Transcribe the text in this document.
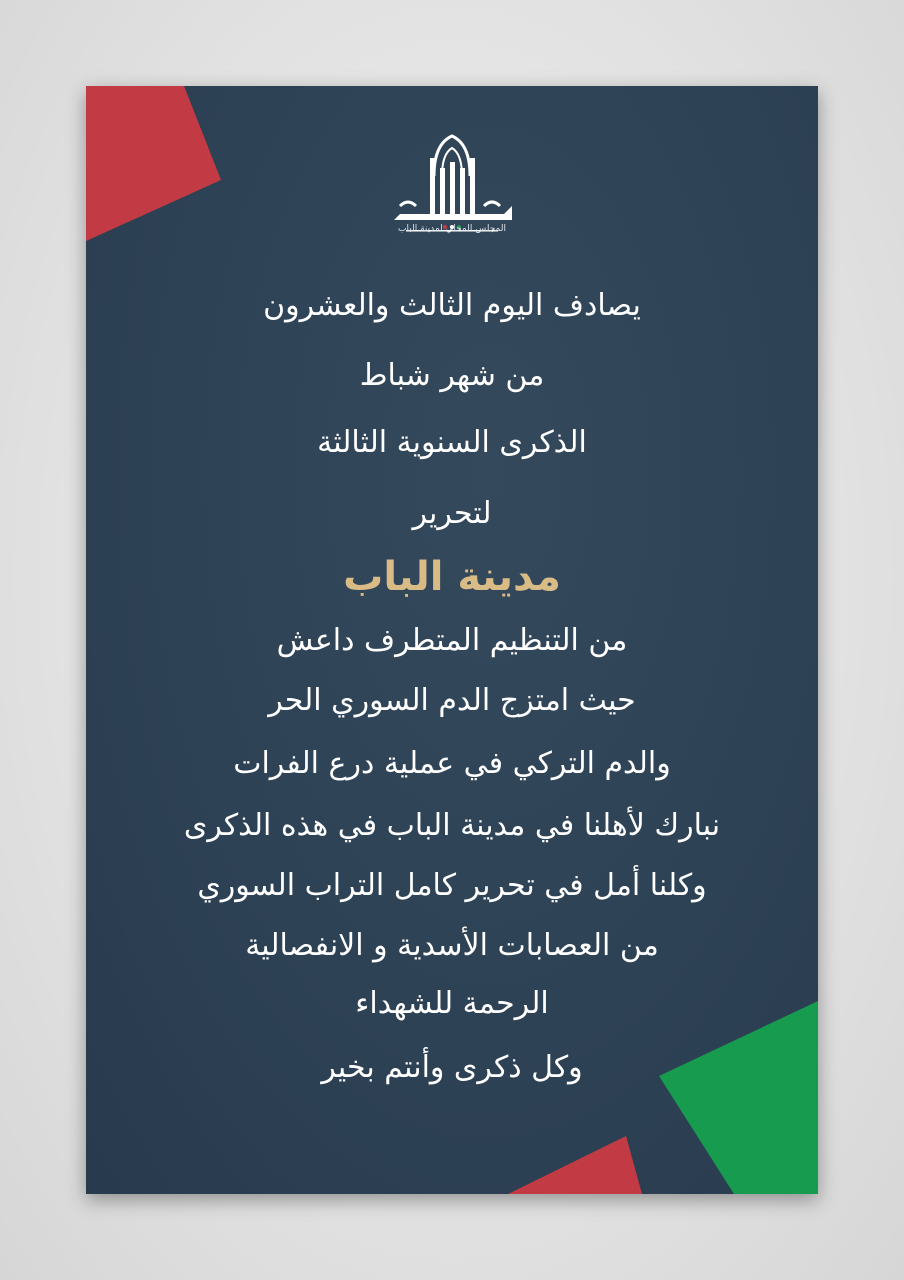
المجلس المحلي لمدينة الباب
يصادف اليوم الثالث والعشرون
من شهر شباط
الذكرى السنوية الثالثة
لتحرير
مدينة الباب
من التنظيم المتطرف داعش
حيث امتزج الدم السوري الحر
والدم التركي في عملية درع الفرات
نبارك لأهلنا في مدينة الباب في هذه الذكرى
وكلنا أمل في تحرير كامل التراب السوري
من العصابات الأسدية و الانفصالية
الرحمة للشهداء
وكل ذكرى وأنتم بخير
